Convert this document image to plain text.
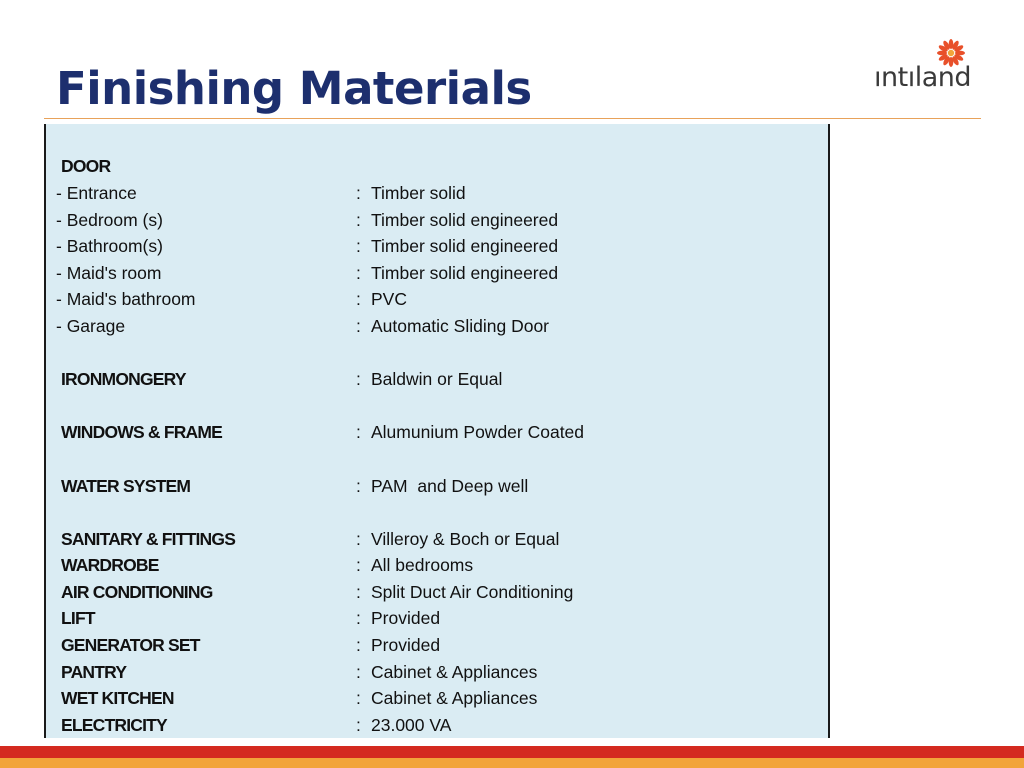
Finishing Materials	ıntıland
DOOR
- Entrance	: Timber solid
- Bedroom (s)	: Timber solid engineered
- Bathroom(s)	: Timber solid engineered
- Maid's room	: Timber solid engineered
- Maid's bathroom	: PVC
- Garage	: Automatic Sliding Door
IRONMONGERY	: Baldwin or Equal
WINDOWS & FRAME	: Alumunium Powder Coated
WATER SYSTEM	: PAM  and Deep well
SANITARY & FITTINGS	: Villeroy & Boch or Equal
WARDROBE	: All bedrooms
AIR CONDITIONING	: Split Duct Air Conditioning
LIFT	: Provided
GENERATOR SET	: Provided
PANTRY	: Cabinet & Appliances
WET KITCHEN	: Cabinet & Appliances
ELECTRICITY	: 23.000 VA
